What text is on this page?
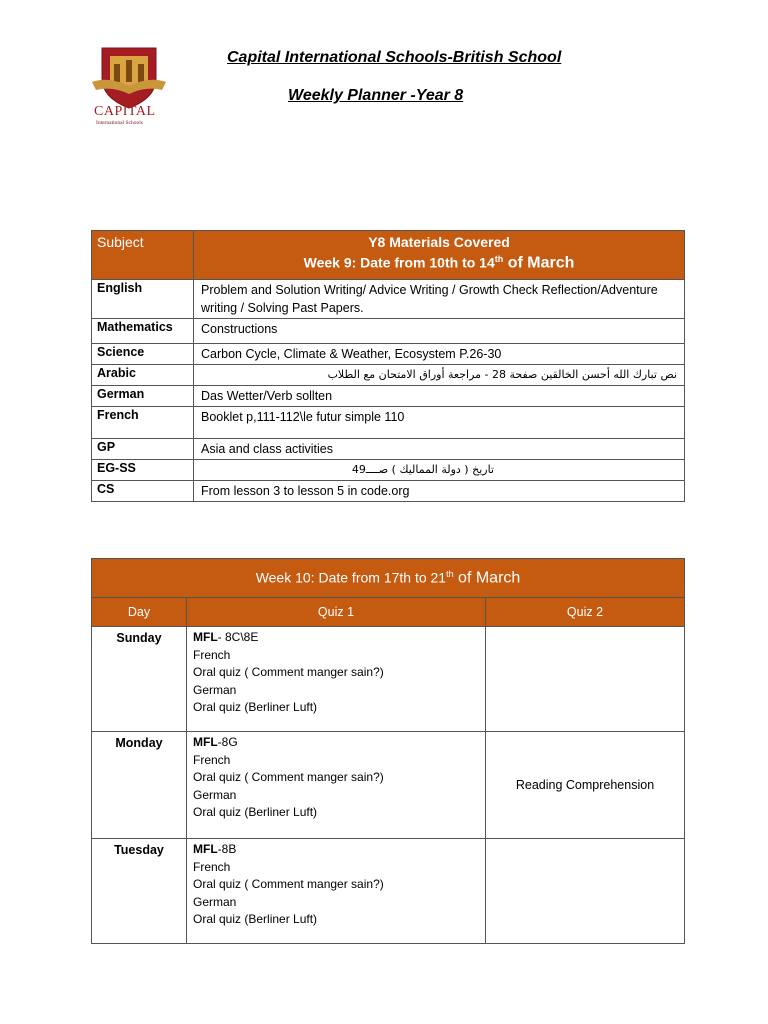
CAPITAL
International Schools
Capital International Schools-British School
Weekly Planner -Year 8
Subject	Y8 Materials Covered
Week 9: Date from 10th to 14th of March

English	Problem and Solution Writing/ Advice Writing / Growth Check Reflection/Adventure writing / Solving Past Papers.
Mathematics	Constructions
Science	Carbon Cycle, Climate & Weather, Ecosystem P.26-30
Arabic	نص تبارك الله أحسن الخالقين صفحة 28 - مراجعة أوراق الامتحان مع الطلاب
German	Das Wetter/Verb sollten
French	Booklet p,111-112\le futur simple 110
GP	Asia and class activities
EG-SS	تاريخ ( دولة المماليك ) صــــ49
CS	From lesson 3 to lesson 5 in code.org
Week 10: Date from 17th to 21th of March		
Day	Quiz 1	Quiz 2
Sunday	MFL- 8C\8E
French
Oral quiz ( Comment manger sain?)
German
Oral quiz (Berliner Luft)	

Monday	MFL-8G
French
Oral quiz ( Comment manger sain?)
German
Oral quiz (Berliner Luft)	Reading Comprehension
Tuesday	MFL-8B
French
Oral quiz ( Comment manger sain?)
German
Oral quiz (Berliner Luft)	
